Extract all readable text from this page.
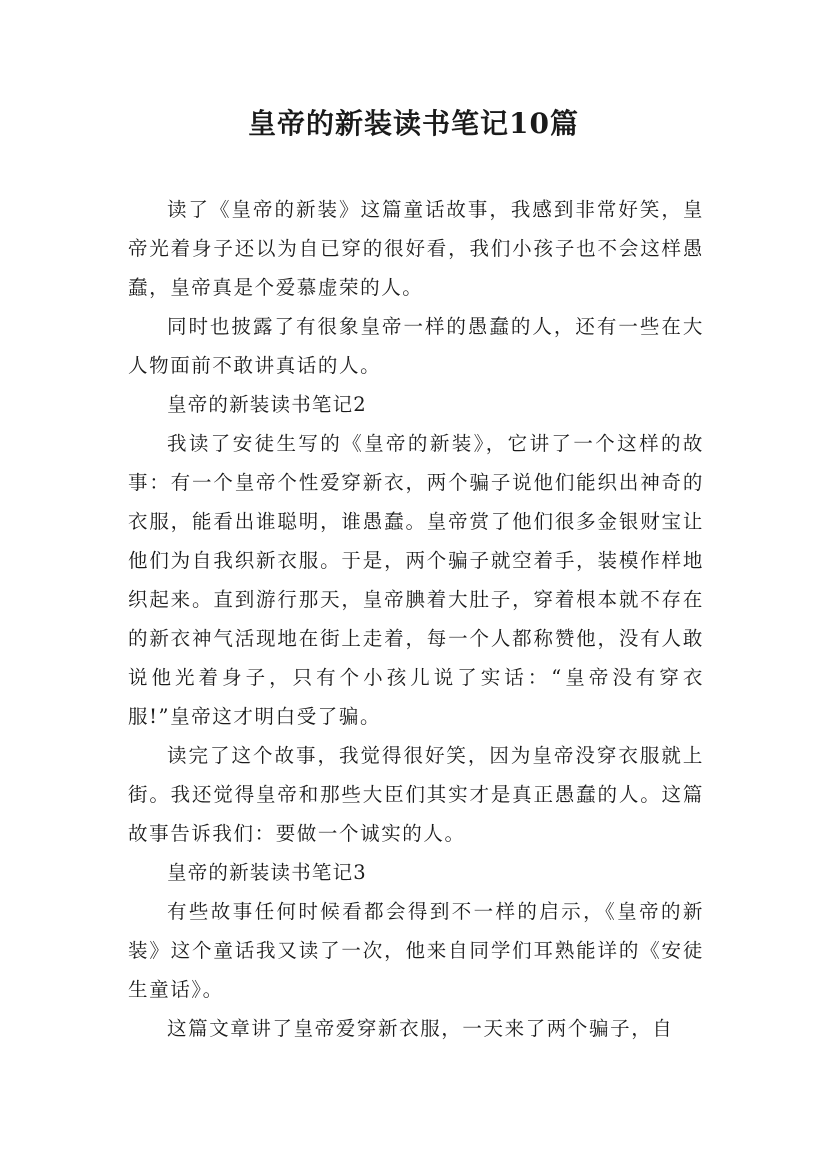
皇帝的新装读书笔记10篇

读了《皇帝的新装》这篇童话故事，我感到非常好笑，皇帝光着身子还以为自已穿的很好看，我们小孩子也不会这样愚蠢，皇帝真是个爱慕虚荣的人。

同时也披露了有很象皇帝一样的愚蠢的人，还有一些在大人物面前不敢讲真话的人。

皇帝的新装读书笔记2

我读了安徒生写的《皇帝的新装》，它讲了一个这样的故事：有一个皇帝个性爱穿新衣，两个骗子说他们能织出神奇的衣服，能看出谁聪明，谁愚蠢。皇帝赏了他们很多金银财宝让他们为自我织新衣服。于是，两个骗子就空着手，装模作样地织起来。直到游行那天，皇帝腆着大肚子，穿着根本就不存在的新衣神气活现地在街上走着，每一个人都称赞他，没有人敢说他光着身子，只有个小孩儿说了实话：“皇帝没有穿衣服!”皇帝这才明白受了骗。

读完了这个故事，我觉得很好笑，因为皇帝没穿衣服就上街。我还觉得皇帝和那些大臣们其实才是真正愚蠢的人。这篇故事告诉我们：要做一个诚实的人。

皇帝的新装读书笔记3

有些故事任何时候看都会得到不一样的启示，《皇帝的新装》这个童话我又读了一次，他来自同学们耳熟能详的《安徒生童话》。

这篇文章讲了皇帝爱穿新衣服，一天来了两个骗子，自
